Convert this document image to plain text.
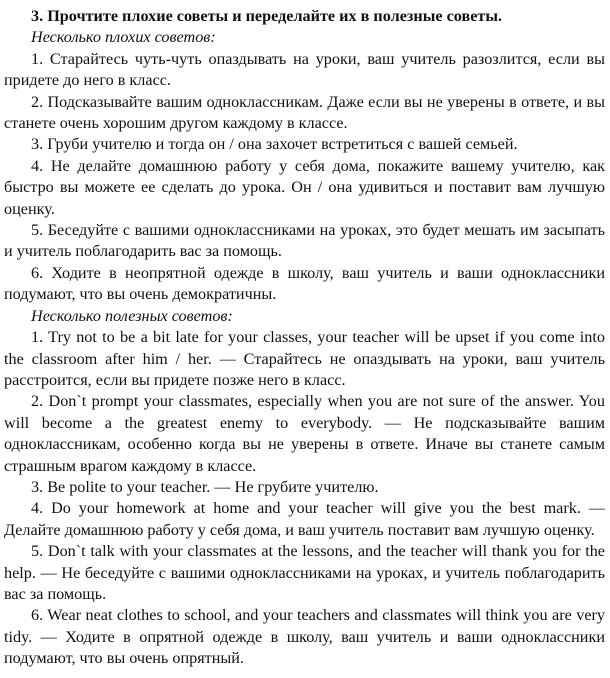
3. Прочтите плохие советы и переделайте их в полезные советы.

Несколько плохих советов:

1. Старайтесь чуть-чуть опаздывать на уроки, ваш учитель разозлится, если вы придете до него в класс.

2. Подсказывайте вашим одноклассникам. Даже если вы не уверены в ответе, и вы станете очень хорошим другом каждому в классе.

3. Груби учителю и тогда он / она захочет встретиться с вашей семьей.

4. Не делайте домашнюю работу у себя дома, покажите вашему учителю, как быстро вы можете ее сделать до урока. Он / она удивиться и поставит вам лучшую оценку.

5. Беседуйте с вашими одноклассниками на уроках, это будет мешать им засыпать и учитель поблагодарить вас за помощь.

6. Ходите в неопрятной одежде в школу, ваш учитель и ваши одноклассники подумают, что вы очень демократичны.

Несколько полезных советов:

1. Try not to be a bit late for your classes, your teacher will be upset if you come into the classroom after him / her. — Старайтесь не опаздывать на уроки, ваш учитель расстроится, если вы придете позже него в класс.

2. Don`t prompt your classmates, especially when you are not sure of the answer. You will become a the greatest enemy to everybody. — Не подсказывайте вашим одноклассникам, особенно когда вы не уверены в ответе. Иначе вы станете самым страшным врагом каждому в классе.

3. Be polite to your teacher. — Не грубите учителю.

4. Do your homework at home and your teacher will give you the best mark. — Делайте домашнюю работу у себя дома, и ваш учитель поставит вам лучшую оценку.

5. Don`t talk with your classmates at the lessons, and the teacher will thank you for the help. — Не беседуйте с вашими одноклассниками на уроках, и учитель поблагодарить вас за помощь.

6. Wear neat clothes to school, and your teachers and classmates will think you are very tidy. — Ходите в опрятной одежде в школу, ваш учитель и ваши одноклассники подумают, что вы очень опрятный.
